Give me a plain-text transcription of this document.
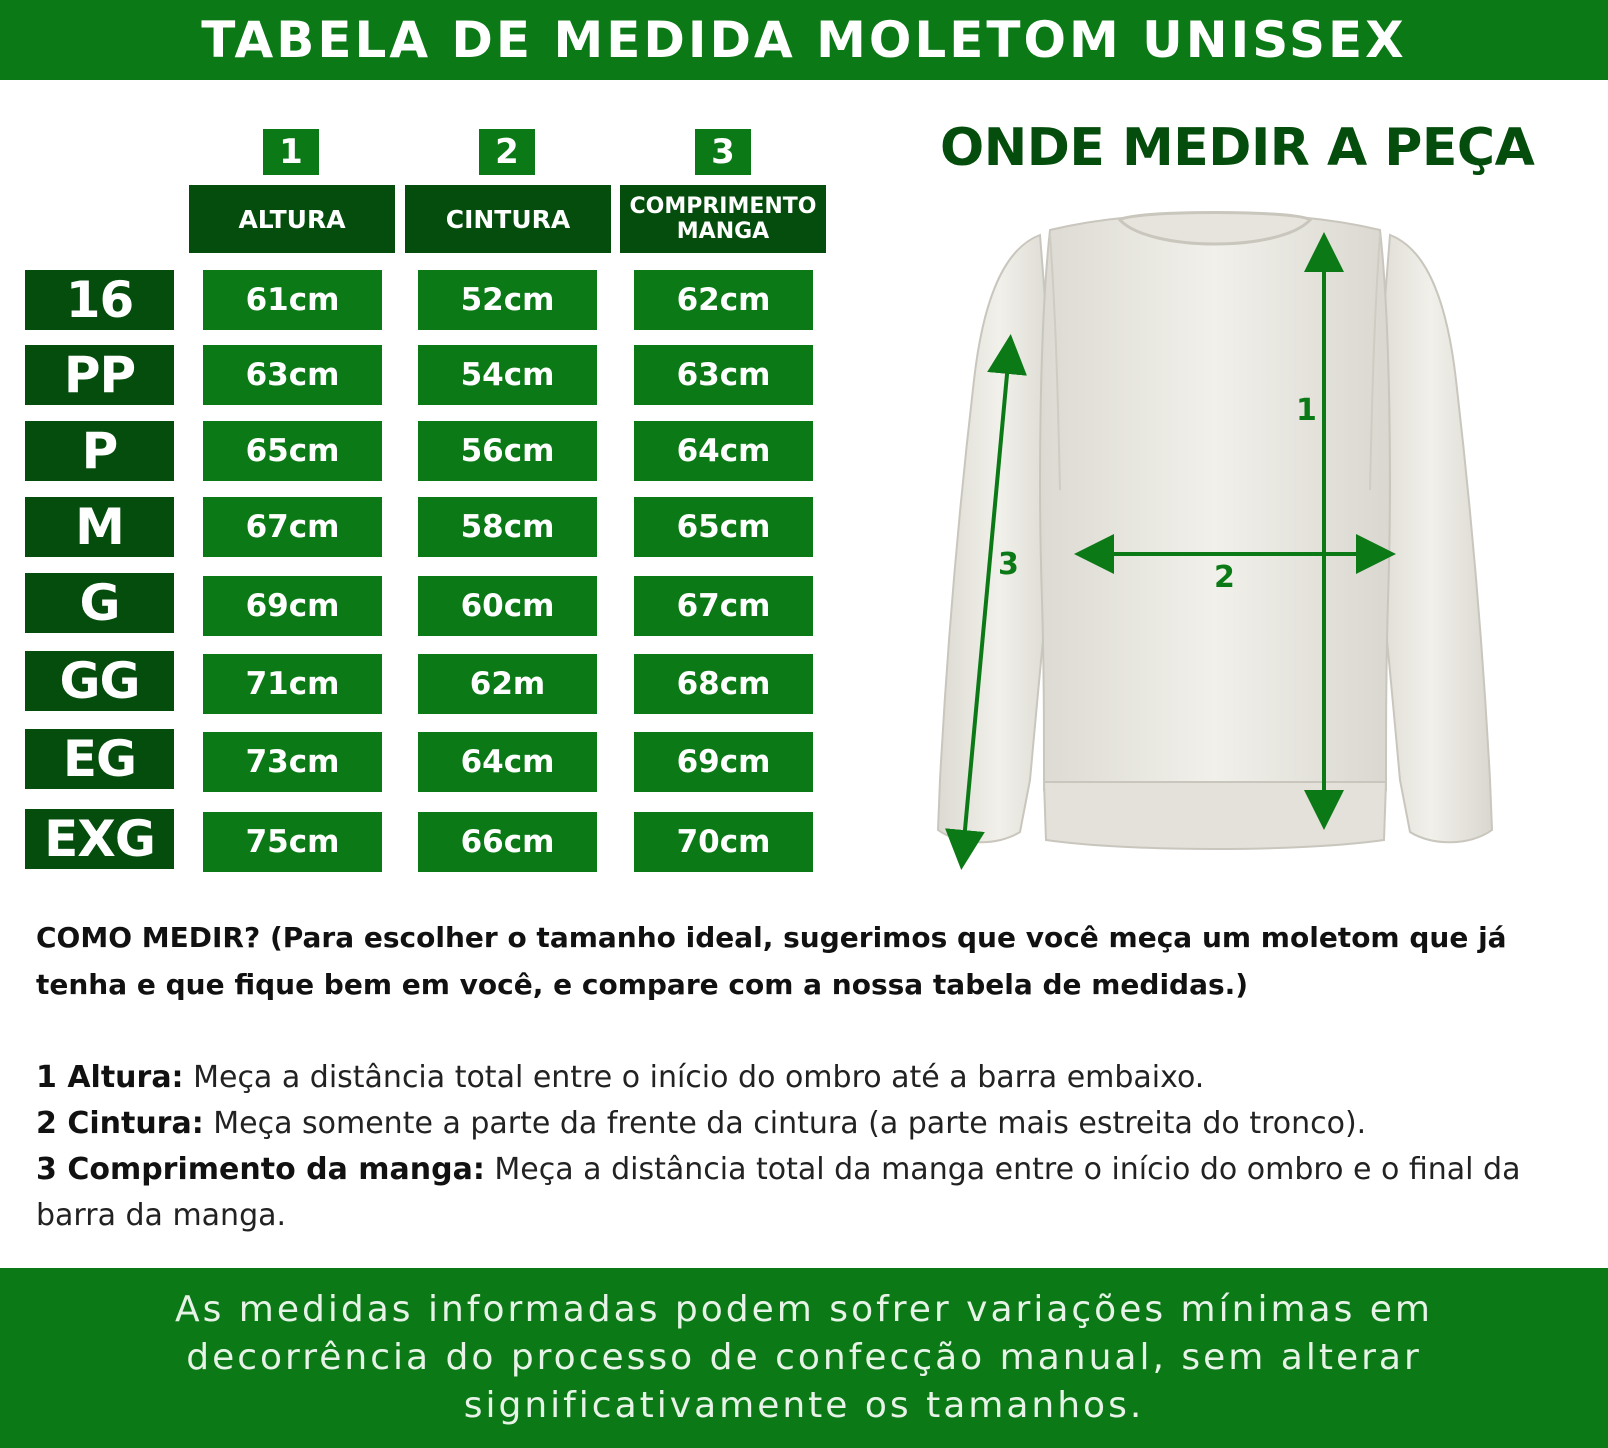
TABELA DE MEDIDA MOLETOM UNISSEX
1	2	3
ALTURA	CINTURA	COMPRIMENTO
MANGA
16	61cm	52cm	62cm
PP	63cm	54cm	63cm
P	65cm	56cm	64cm
M	67cm	58cm	65cm
G	69cm	60cm	67cm
GG	71cm	62m	68cm
EG	73cm	64cm	69cm
EXG	75cm	66cm	70cm
ONDE MEDIR A PEÇA
1
2
3

COMO MEDIR? (Para escolher o tamanho ideal, sugerimos que você meça um moletom que já tenha e que fique bem em você, e compare com a nossa tabela de medidas.)

1 Altura: Meça a distância total entre o início do ombro até a barra embaixo.
2 Cintura: Meça somente a parte da frente da cintura (a parte mais estreita do tronco).
3 Comprimento da manga: Meça a distância total da manga entre o início do ombro e o final da barra da manga.

As medidas informadas podem sofrer variações mínimas em decorrência do processo de confecção manual, sem alterar significativamente os tamanhos.
